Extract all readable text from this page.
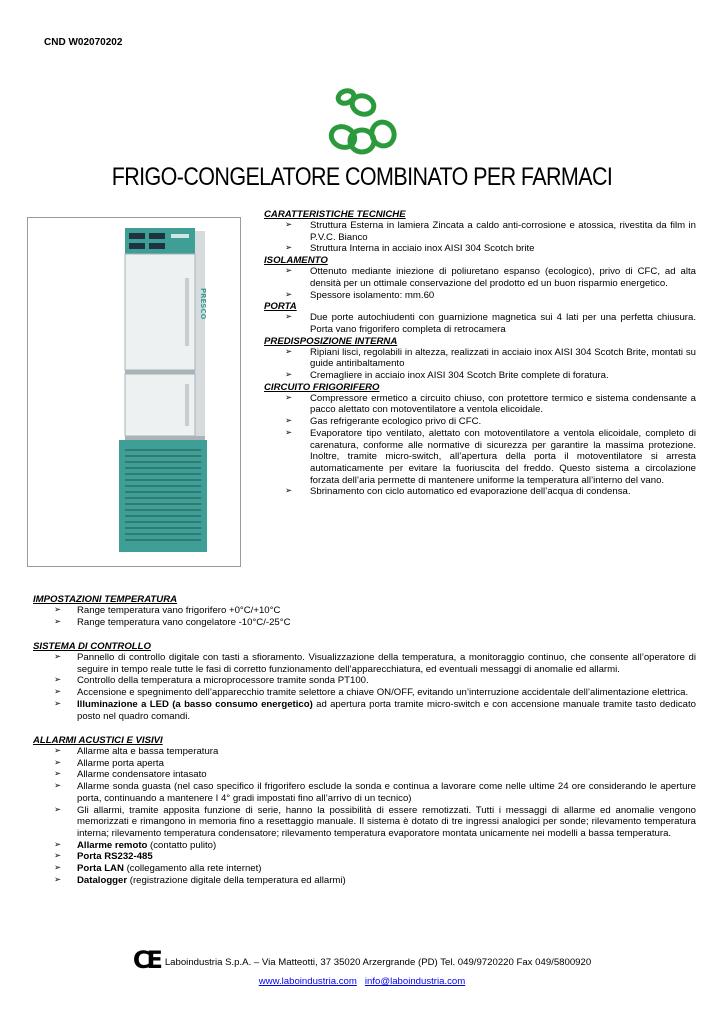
CND W02070202
FRIGO-CONGELATORE COMBINATO PER FARMACI
PRESCO
CARATTERISTICHE TECNICHE
➢ Struttura Esterna in lamiera Zincata a caldo anti-corrosione e atossica, rivestita da film in P.V.C. Bianco
➢ Struttura Interna in acciaio inox AISI 304 Scotch brite
ISOLAMENTO
➢ Ottenuto mediante iniezione di poliuretano espanso (ecologico), privo di CFC, ad alta densità per un ottimale conservazione del prodotto ed un buon risparmio energetico.
➢ Spessore isolamento: mm.60
PORTA
➢ Due porte autochiudenti con guarnizione magnetica sui 4 lati per una perfetta chiusura. Porta vano frigorifero completa di retrocamera
PREDISPOSIZIONE INTERNA
➢ Ripiani lisci, regolabili in altezza, realizzati in acciaio inox AISI 304 Scotch Brite, montati su guide antiribaltamento
➢ Cremagliere in acciaio inox AISI 304 Scotch Brite complete di foratura.
CIRCUITO FRIGORIFERO
➢ Compressore ermetico a circuito chiuso, con protettore termico e sistema condensante a pacco alettato con motoventilatore a ventola elicoidale.
➢ Gas refrigerante ecologico privo di CFC.
➢ Evaporatore tipo ventilato, alettato con motoventilatore a ventola elicoidale, completo di carenatura, conforme alle normative di sicurezza per garantire la massima protezione. Inoltre, tramite micro-switch, all’apertura della porta il motoventilatore si arresta automaticamente per evitare la fuoriuscita del freddo. Questo sistema a circolazione forzata dell’aria permette di mantenere uniforme la temperatura all’interno del vano.
➢ Sbrinamento con ciclo automatico ed evaporazione dell’acqua di condensa.
IMPOSTAZIONI TEMPERATURA
➢ Range temperatura vano frigorifero +0°C/+10°C
➢ Range temperatura vano congelatore -10°C/-25°C
SISTEMA DI CONTROLLO
➢ Pannello di controllo digitale con tasti a sfioramento. Visualizzazione della temperatura, a monitoraggio continuo, che consente all’operatore di seguire in tempo reale tutte le fasi di corretto funzionamento dell’apparecchiatura, ed eventuali messaggi di anomalie ed allarmi.
➢ Controllo della temperatura a microprocessore tramite sonda PT100.
➢ Accensione e spegnimento dell’apparecchio tramite selettore a chiave ON/OFF, evitando un’interruzione accidentale dell’alimentazione elettrica.
➢ Illuminazione a LED (a basso consumo energetico) ad apertura porta tramite micro-switch e con accensione manuale tramite tasto dedicato posto nel quadro comandi.
ALLARMI ACUSTICI E VISIVI
➢ Allarme alta e bassa temperatura
➢ Allarme porta aperta
➢ Allarme condensatore intasato
➢ Allarme sonda guasta (nel caso specifico il frigorifero esclude la sonda e continua a lavorare come nelle ultime 24 ore considerando le aperture porta, continuando a mantenere I 4° gradi impostati fino all’arrivo di un tecnico)
➢ Gli allarmi, tramite apposita funzione di serie, hanno la possibilità di essere remotizzati. Tutti i messaggi di allarme ed anomalie vengono memorizzati e rimangono in memoria fino a resettaggio manuale. Il sistema è dotato di tre ingressi analogici per sonde; rilevamento temperatura interna; rilevamento temperatura condensatore; rilevamento temperatura evaporatore montata unicamente nei modelli a bassa temperatura.
➢ Allarme remoto (contatto pulito)
➢ Porta RS232-485
➢ Porta LAN (collegamento alla rete internet)
➢ Datalogger (registrazione digitale della temperatura ed allarmi)
CE Laboindustria S.p.A. – Via Matteotti, 37 35020 Arzergrande (PD) Tel. 049/9720220 Fax 049/5800920
www.laboindustria.com info@laboindustria.com
